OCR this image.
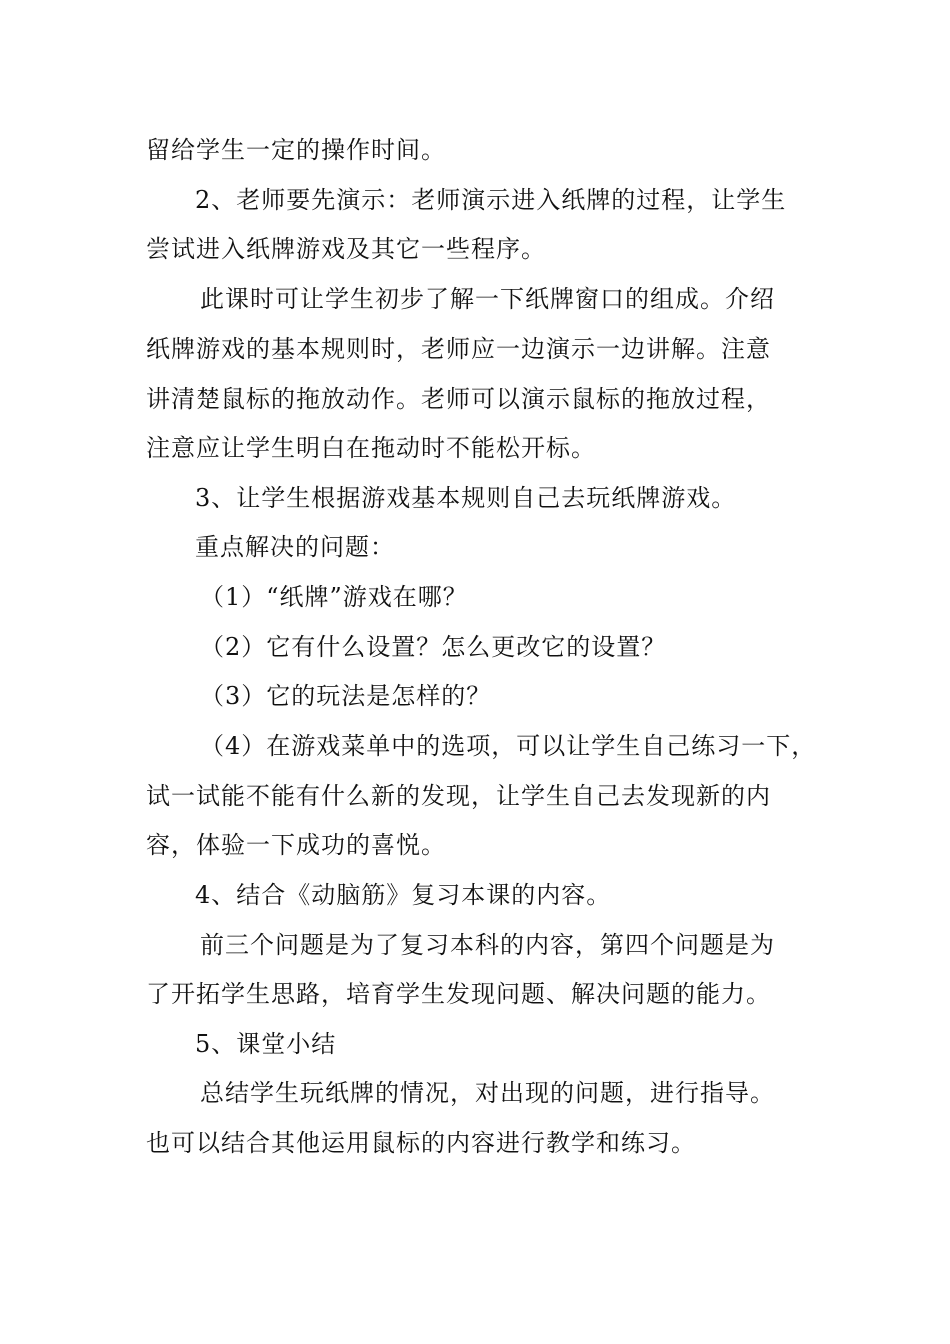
留给学生一定的操作时间。
2、老师要先演示：老师演示进入纸牌的过程，让学生
尝试进入纸牌游戏及其它一些程序。
此课时可让学生初步了解一下纸牌窗口的组成。介绍
纸牌游戏的基本规则时，老师应一边演示一边讲解。注意
讲清楚鼠标的拖放动作。老师可以演示鼠标的拖放过程，
注意应让学生明白在拖动时不能松开标。
3、让学生根据游戏基本规则自己去玩纸牌游戏。
重点解决的问题：
（1）“纸牌”游戏在哪？
（2）它有什么设置？怎么更改它的设置？
（3）它的玩法是怎样的？
（4）在游戏菜单中的选项，可以让学生自己练习一下，
试一试能不能有什么新的发现，让学生自己去发现新的内
容，体验一下成功的喜悦。
4、结合《动脑筋》复习本课的内容。
前三个问题是为了复习本科的内容，第四个问题是为
了开拓学生思路，培育学生发现问题、解决问题的能力。
5、课堂小结
总结学生玩纸牌的情况，对出现的问题，进行指导。
也可以结合其他运用鼠标的内容进行教学和练习。
